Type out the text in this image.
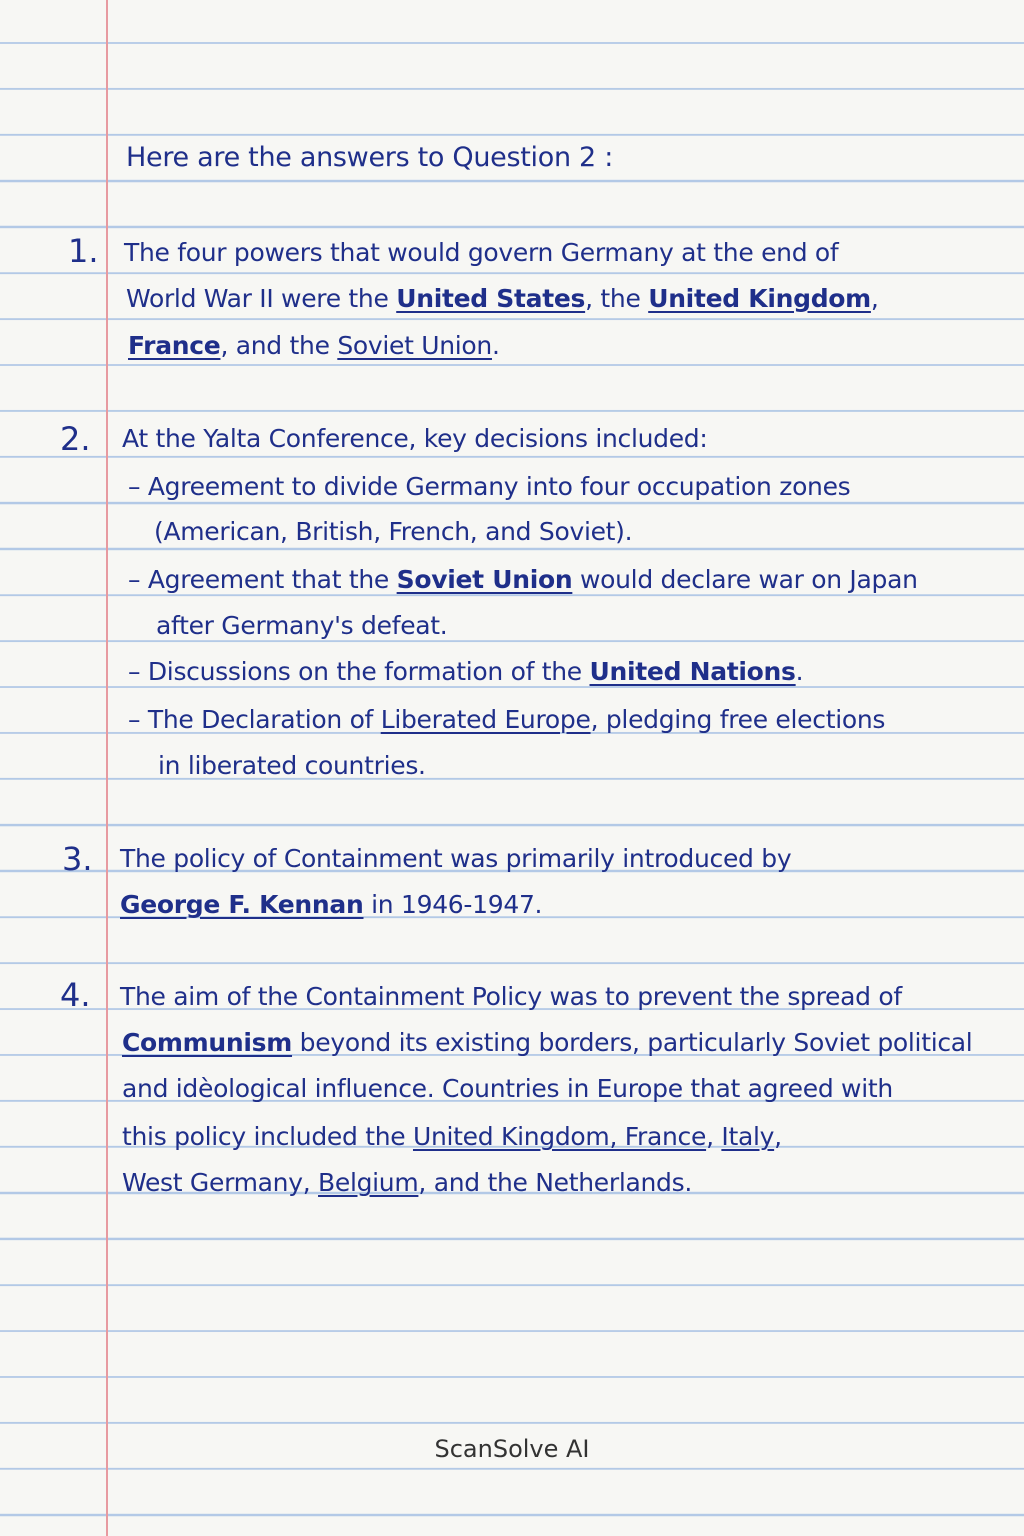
Here are the answers to Question 2 :
1. The four powers that would govern Germany at the end of
World War II were the United States, the United Kingdom,
France, and the Soviet Union.
2. At the Yalta Conference, key decisions included:
– Agreement to divide Germany into four occupation zones
(American, British, French, and Soviet).
– Agreement that the Soviet Union would declare war on Japan
after Germany's defeat.
– Discussions on the formation of the United Nations.
– The Declaration of Liberated Europe, pledging free elections
in liberated countries.
3. The policy of Containment was primarily introduced by
George F. Kennan in 1946-1947.
4. The aim of the Containment Policy was to prevent the spread of
Communism beyond its existing borders, particularly Soviet political
and idèological influence. Countries in Europe that agreed with
this policy included the United Kingdom, France, Italy,
West Germany, Belgium, and the Netherlands.
ScanSolve AI
